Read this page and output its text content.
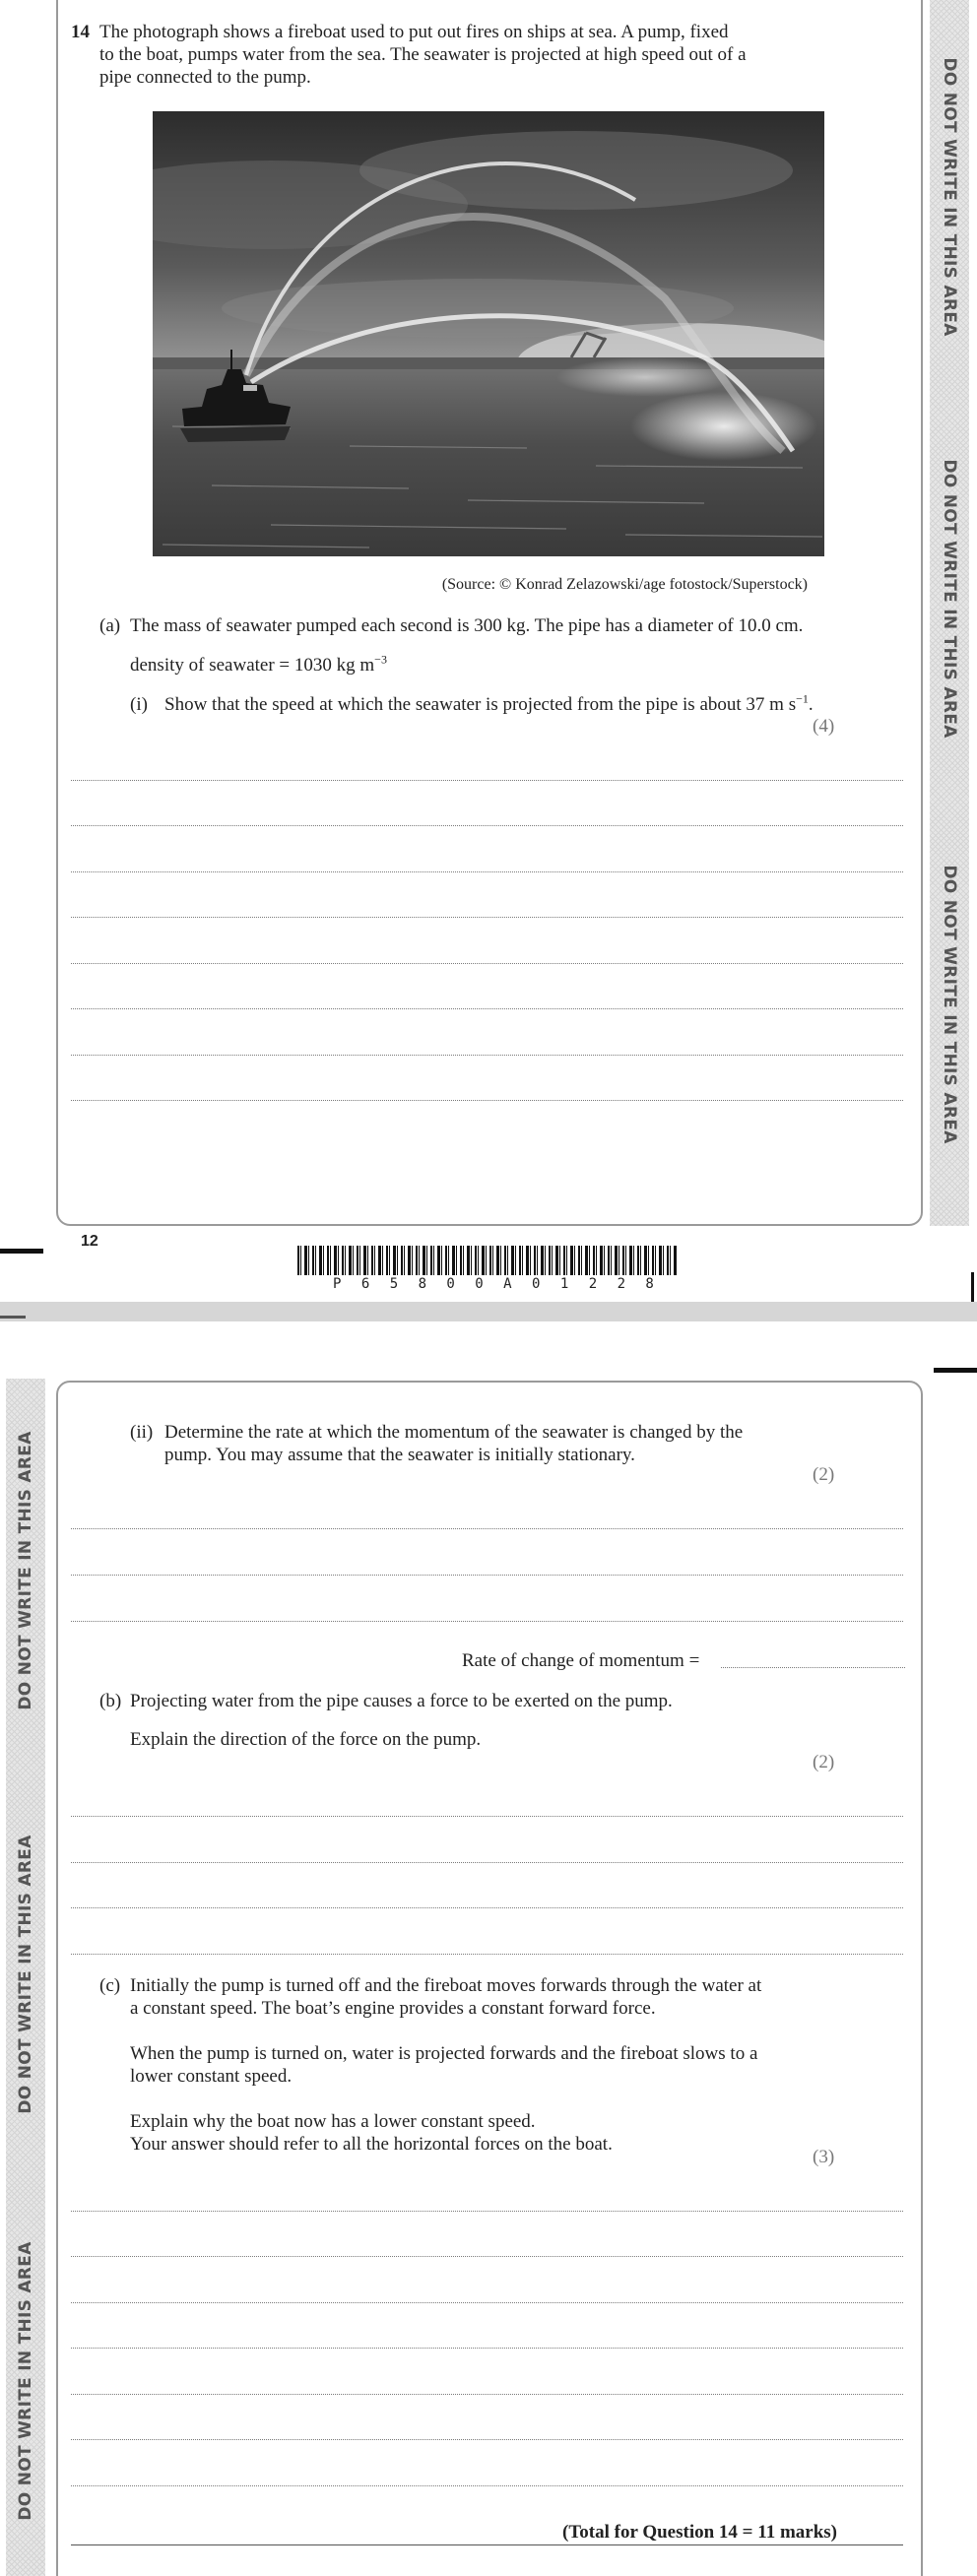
DO NOT WRITE IN THIS AREA
DO NOT WRITE IN THIS AREA
DO NOT WRITE IN THIS AREA
14 The photograph shows a fireboat used to put out fires on ships at sea. A pump, fixed
to the boat, pumps water from the sea. The seawater is projected at high speed out of a
pipe connected to the pump.
(Source: © Konrad Zelazowski/age fotostock/Superstock)
(a) The mass of seawater pumped each second is 300 kg. The pipe has a diameter of 10.0 cm.
density of seawater = 1030 kg $m^{-3}$
(i) Show that the speed at which the seawater is projected from the pipe is about 37 m $s^{-1}$.
(4)
12
P 6 5 8 0 0 A 0 1 2 2 8
DO NOT WRITE IN THIS AREA
DO NOT WRITE IN THIS AREA
DO NOT WRITE IN THIS AREA
(ii) Determine the rate at which the momentum of the seawater is changed by the
pump. You may assume that the seawater is initially stationary.
(2)
Rate of change of momentum =
(b) Projecting water from the pipe causes a force to be exerted on the pump.
Explain the direction of the force on the pump.
(2)
(c) Initially the pump is turned off and the fireboat moves forwards through the water at
a constant speed. The boat’s engine provides a constant forward force.
When the pump is turned on, water is projected forwards and the fireboat slows to a
lower constant speed.
Explain why the boat now has a lower constant speed.
Your answer should refer to all the horizontal forces on the boat.
(3)
(Total for Question 14 = 11 marks)
